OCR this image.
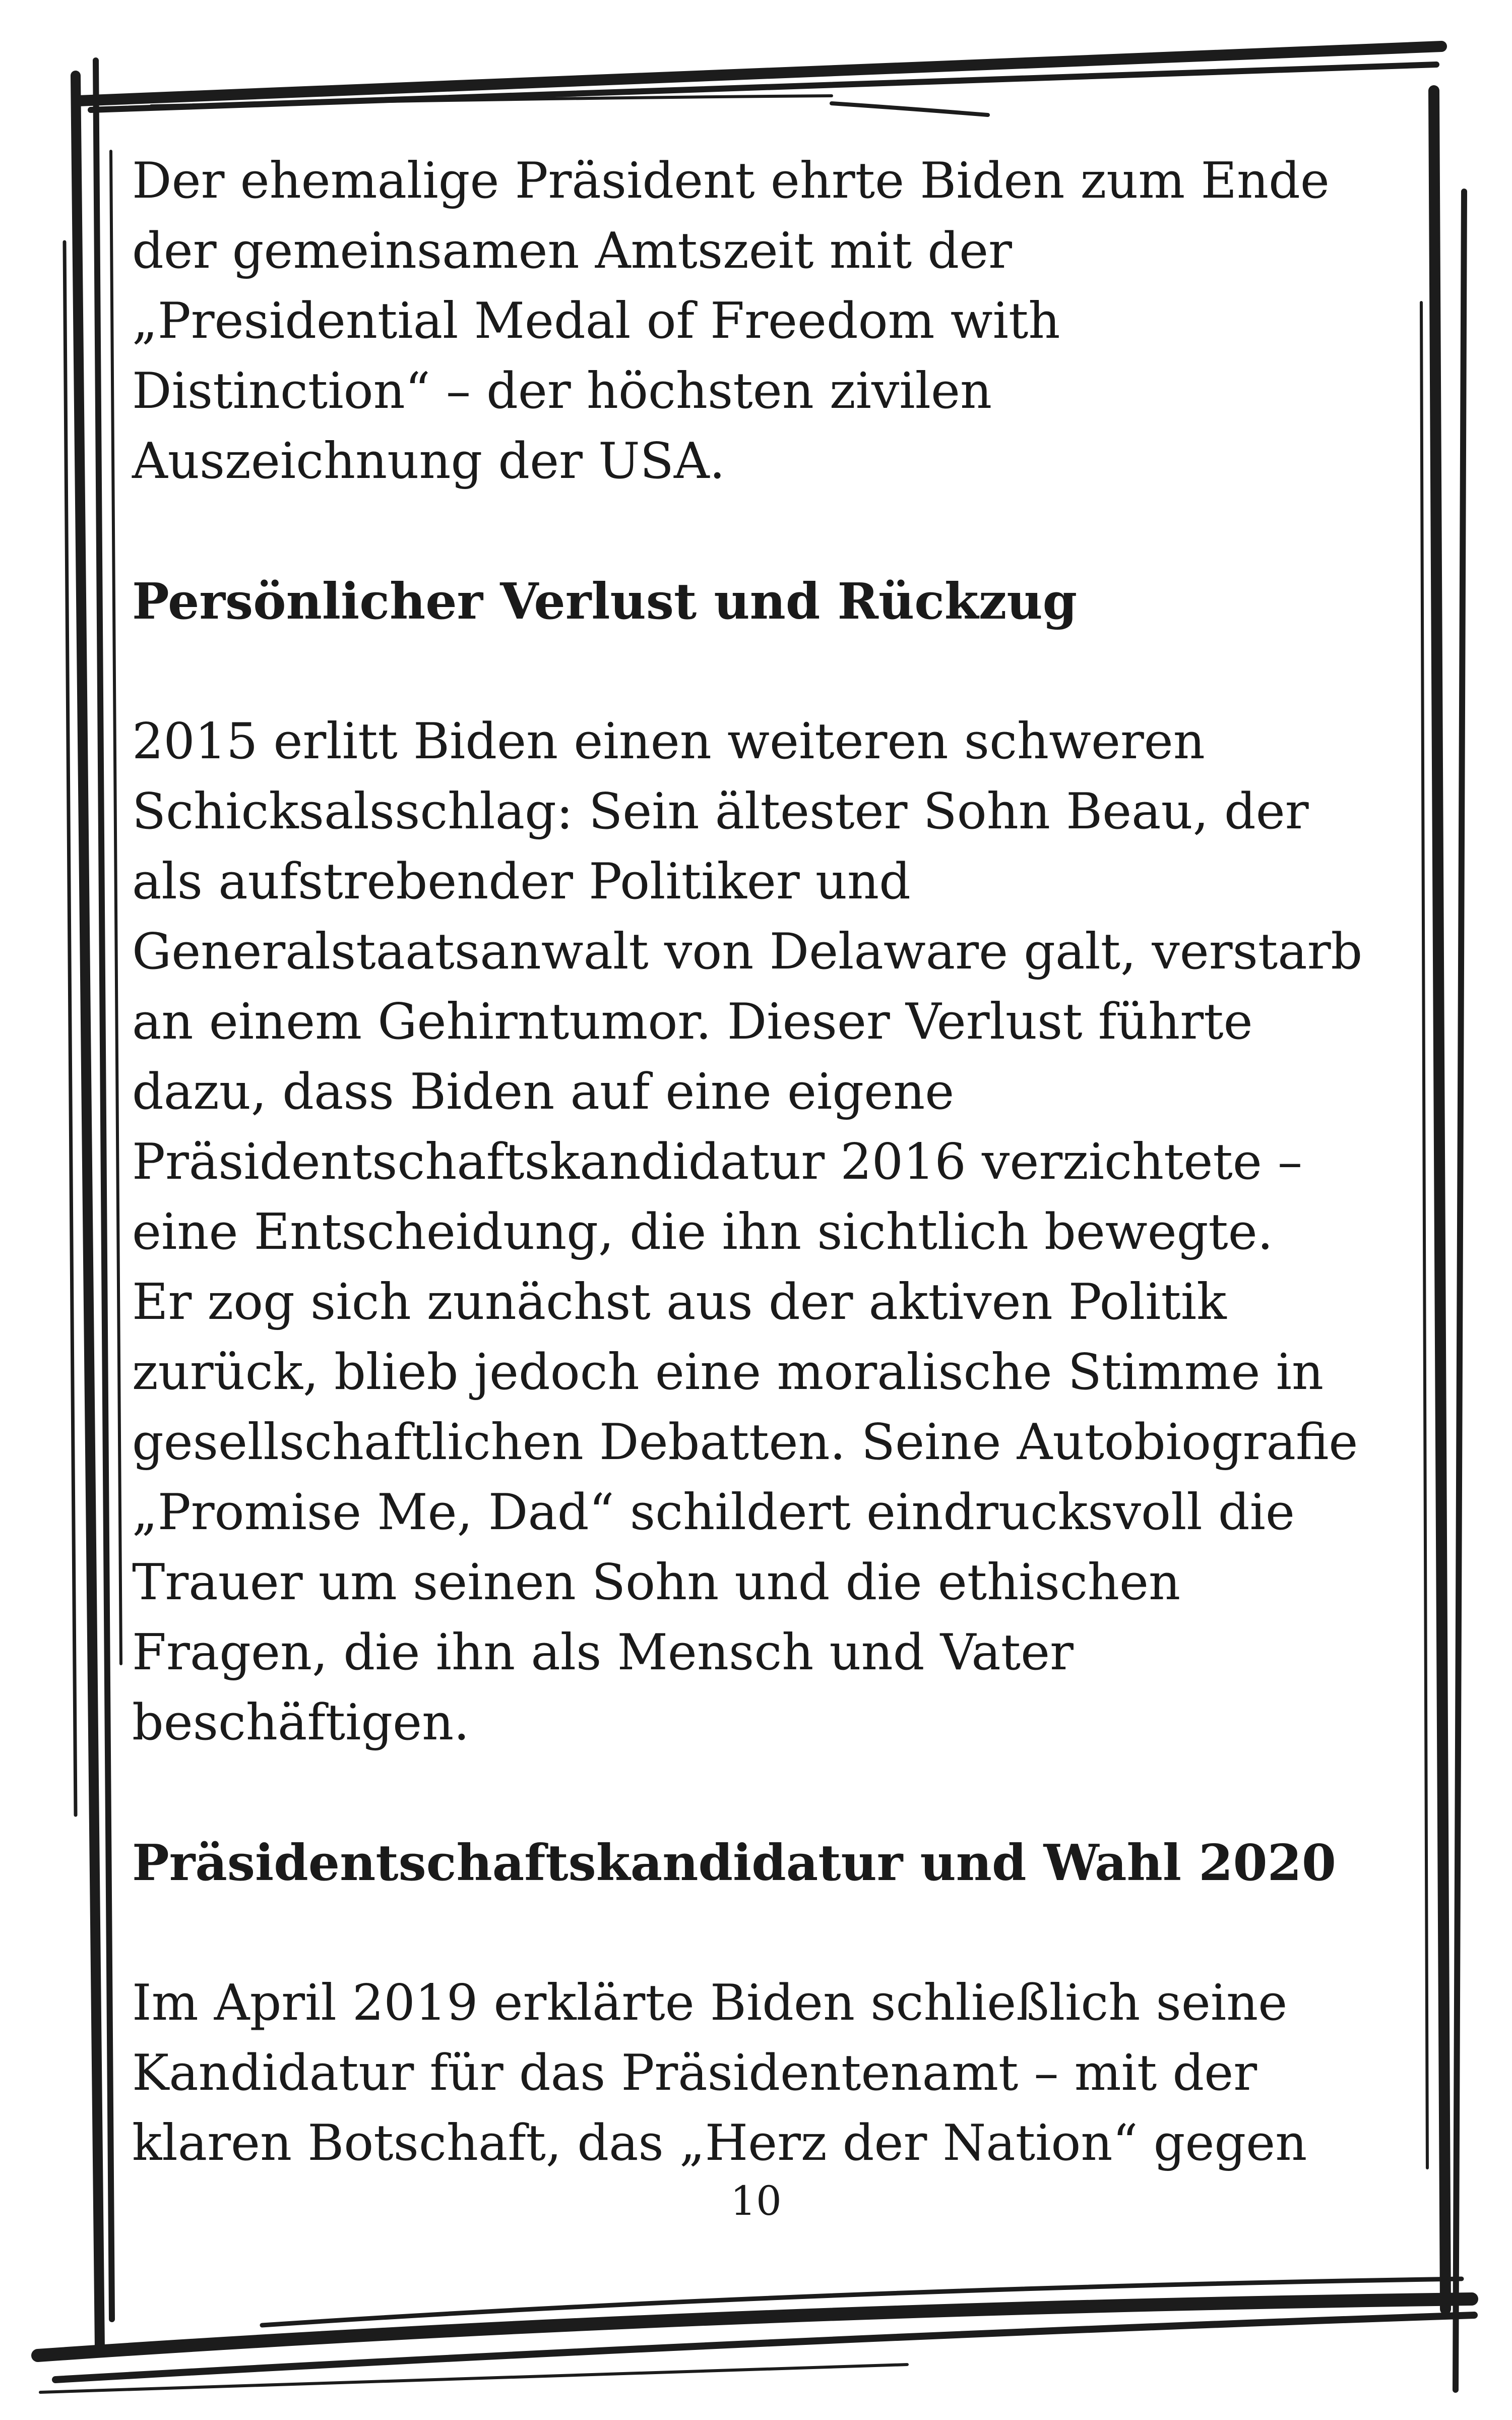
Der ehemalige Präsident ehrte Biden zum Ende
der gemeinsamen Amtszeit mit der
„Presidential Medal of Freedom with
Distinction“ – der höchsten zivilen
Auszeichnung der USA.

Persönlicher Verlust und Rückzug

2015 erlitt Biden einen weiteren schweren
Schicksalsschlag: Sein ältester Sohn Beau, der
als aufstrebender Politiker und
Generalstaatsanwalt von Delaware galt, verstarb
an einem Gehirntumor. Dieser Verlust führte
dazu, dass Biden auf eine eigene
Präsidentschaftskandidatur 2016 verzichtete –
eine Entscheidung, die ihn sichtlich bewegte.
Er zog sich zunächst aus der aktiven Politik
zurück, blieb jedoch eine moralische Stimme in
gesellschaftlichen Debatten. Seine Autobiografie
„Promise Me, Dad“ schildert eindrucksvoll die
Trauer um seinen Sohn und die ethischen
Fragen, die ihn als Mensch und Vater
beschäftigen.

Präsidentschaftskandidatur und Wahl 2020

Im April 2019 erklärte Biden schließlich seine
Kandidatur für das Präsidentenamt – mit der
klaren Botschaft, das „Herz der Nation“ gegen

10
